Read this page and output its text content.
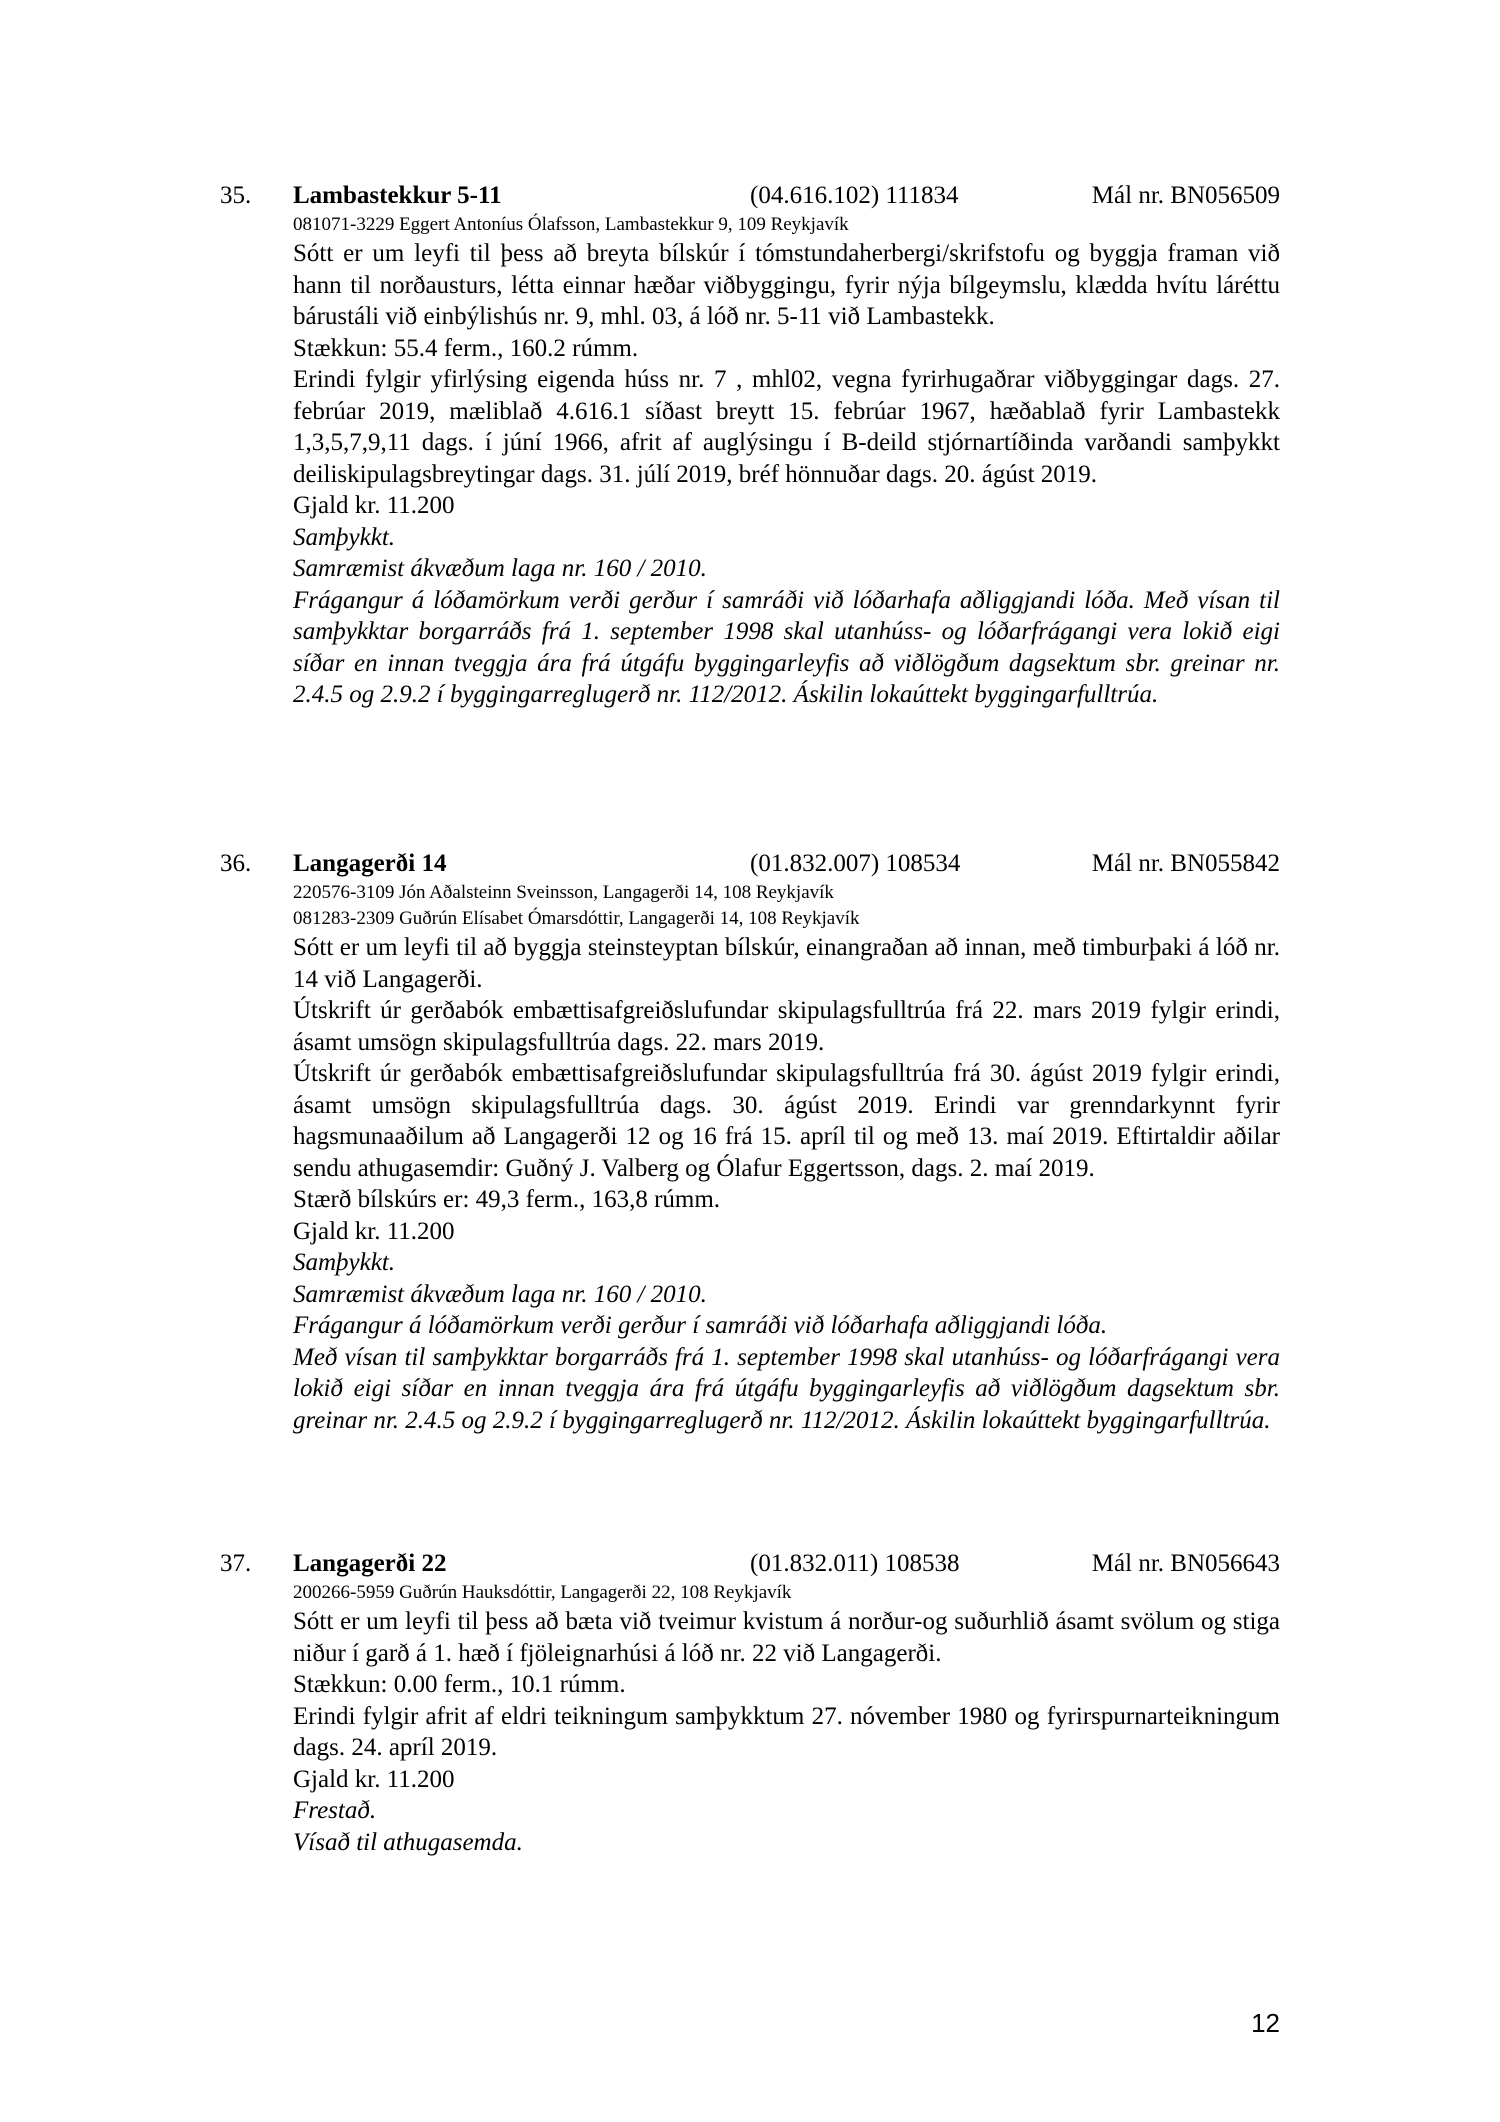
35. Lambastekkur 5-11	(04.616.102) 111834	Mál nr. BN056509
081071-3229 Eggert Antoníus Ólafsson, Lambastekkur 9, 109 Reykjavík

Sótt er um leyfi til þess að breyta bílskúr í tómstundaherbergi/skrifstofu og byggja framan við hann til norðausturs, létta einnar hæðar viðbyggingu, fyrir nýja bílgeymslu, klædda hvítu láréttu bárustáli við einbýlishús nr. 9, mhl. 03, á lóð nr. 5-11 við Lambastekk.

Stækkun: 55.4 ferm., 160.2 rúmm.

Erindi fylgir yfirlýsing eigenda húss nr. 7 , mhl02, vegna fyrirhugaðrar viðbyggingar dags. 27. febrúar 2019, mæliblað 4.616.1 síðast breytt 15. febrúar 1967, hæðablað fyrir Lambastekk 1,3,5,7,9,11 dags. í júní 1966, afrit af auglýsingu í B-deild stjórnartíðinda varðandi samþykkt deiliskipulagsbreytingar dags. 31. júlí 2019, bréf hönnuðar dags. 20. ágúst 2019.

Gjald kr. 11.200

Samþykkt.

Samræmist ákvæðum laga nr. 160 / 2010.

Frágangur á lóðamörkum verði gerður í samráði við lóðarhafa aðliggjandi lóða. Með vísan til samþykktar borgarráðs frá 1. september 1998 skal utanhúss- og lóðarfrágangi vera lokið eigi síðar en innan tveggja ára frá útgáfu byggingarleyfis að viðlögðum dagsektum sbr. greinar nr. 2.4.5 og 2.9.2 í byggingarreglugerð nr. 112/2012. Áskilin lokaúttekt byggingarfulltrúa.

36. Langagerði 14	(01.832.007) 108534	Mál nr. BN055842
220576-3109 Jón Aðalsteinn Sveinsson, Langagerði 14, 108 Reykjavík
081283-2309 Guðrún Elísabet Ómarsdóttir, Langagerði 14, 108 Reykjavík

Sótt er um leyfi til að byggja steinsteyptan bílskúr, einangraðan að innan, með timburþaki á lóð nr. 14 við Langagerði.

Útskrift úr gerðabók embættisafgreiðslufundar skipulagsfulltrúa frá 22. mars 2019 fylgir erindi, ásamt umsögn skipulagsfulltrúa dags. 22. mars 2019.

Útskrift úr gerðabók embættisafgreiðslufundar skipulagsfulltrúa frá 30. ágúst 2019 fylgir erindi, ásamt umsögn skipulagsfulltrúa dags. 30. ágúst 2019. Erindi var grenndarkynnt fyrir hagsmunaaðilum að Langagerði 12 og 16 frá 15. apríl til og með 13. maí 2019. Eftirtaldir aðilar sendu athugasemdir: Guðný J. Valberg og Ólafur Eggertsson, dags. 2. maí 2019.

Stærð bílskúrs er: 49,3 ferm., 163,8 rúmm.

Gjald kr. 11.200

Samþykkt.

Samræmist ákvæðum laga nr. 160 / 2010.

Frágangur á lóðamörkum verði gerður í samráði við lóðarhafa aðliggjandi lóða.

Með vísan til samþykktar borgarráðs frá 1. september 1998 skal utanhúss- og lóðarfrágangi vera lokið eigi síðar en innan tveggja ára frá útgáfu byggingarleyfis að viðlögðum dagsektum sbr. greinar nr. 2.4.5 og 2.9.2 í byggingarreglugerð nr. 112/2012. Áskilin lokaúttekt byggingarfulltrúa.

37. Langagerði 22	(01.832.011) 108538	Mál nr. BN056643
200266-5959 Guðrún Hauksdóttir, Langagerði 22, 108 Reykjavík

Sótt er um leyfi til þess að bæta við tveimur kvistum á norður-og suðurhlið ásamt svölum og stiga niður í garð á 1. hæð í fjöleignarhúsi á lóð nr. 22 við Langagerði.

Stækkun: 0.00 ferm., 10.1 rúmm.

Erindi fylgir afrit af eldri teikningum samþykktum 27. nóvember 1980 og fyrirspurnarteikningum dags. 24. apríl 2019.

Gjald kr. 11.200

Frestað.

Vísað til athugasemda.

12
